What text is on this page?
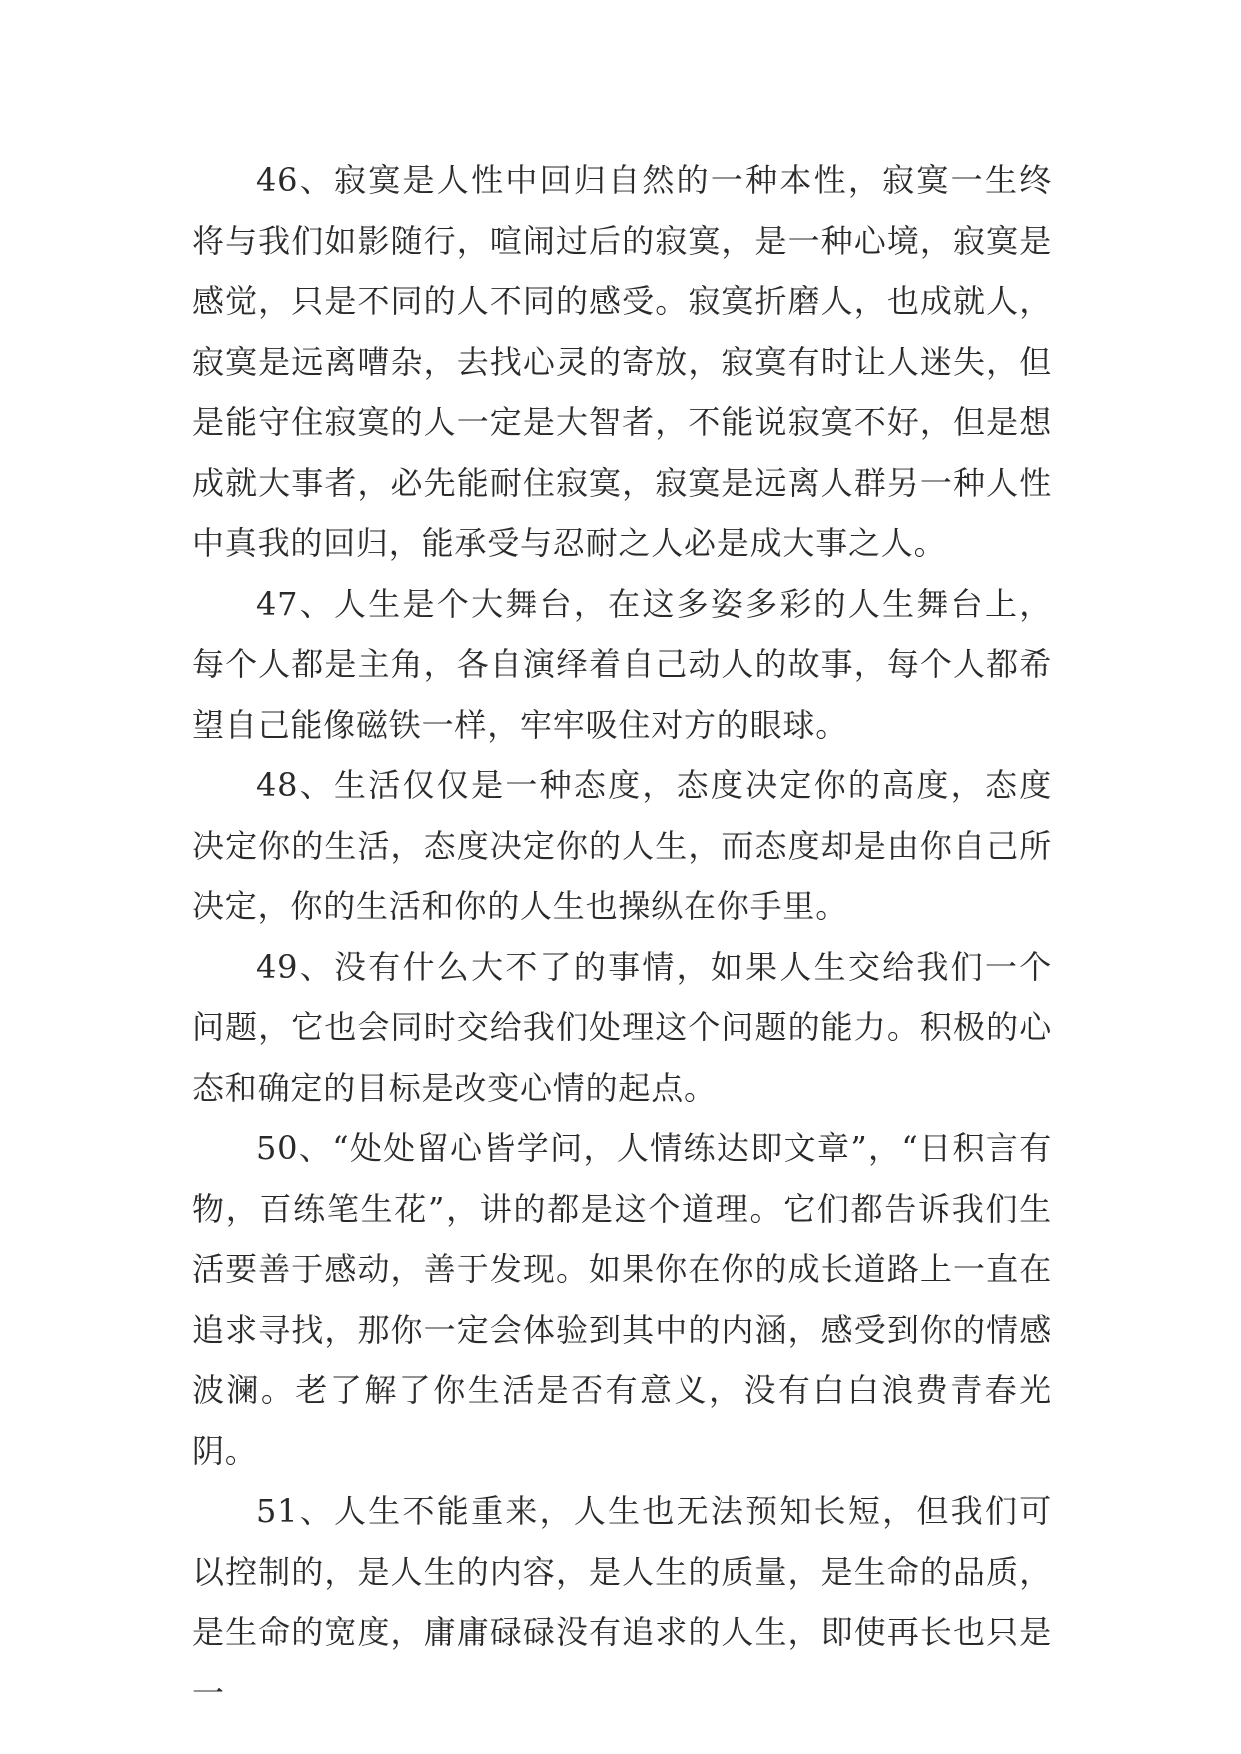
46、寂寞是人性中回归自然的一种本性，寂寞一生终将与我们如影随行，喧闹过后的寂寞，是一种心境，寂寞是感觉，只是不同的人不同的感受。寂寞折磨人，也成就人，寂寞是远离嘈杂，去找心灵的寄放，寂寞有时让人迷失，但是能守住寂寞的人一定是大智者，不能说寂寞不好，但是想成就大事者，必先能耐住寂寞，寂寞是远离人群另一种人性中真我的回归，能承受与忍耐之人必是成大事之人。

47、人生是个大舞台，在这多姿多彩的人生舞台上，每个人都是主角，各自演绎着自己动人的故事，每个人都希望自己能像磁铁一样，牢牢吸住对方的眼球。

48、生活仅仅是一种态度，态度决定你的高度，态度决定你的生活，态度决定你的人生，而态度却是由你自己所决定，你的生活和你的人生也操纵在你手里。

49、没有什么大不了的事情，如果人生交给我们一个问题，它也会同时交给我们处理这个问题的能力。积极的心态和确定的目标是改变心情的起点。

50、“处处留心皆学问，人情练达即文章”，“日积言有物，百练笔生花”，讲的都是这个道理。它们都告诉我们生活要善于感动，善于发现。如果你在你的成长道路上一直在追求寻找，那你一定会体验到其中的内涵，感受到你的情感波澜。老了解了你生活是否有意义，没有白白浪费青春光阴。

51、人生不能重来，人生也无法预知长短，但我们可以控制的，是人生的内容，是人生的质量，是生命的品质，是生命的宽度，庸庸碌碌没有追求的人生，即使再长也只是一
